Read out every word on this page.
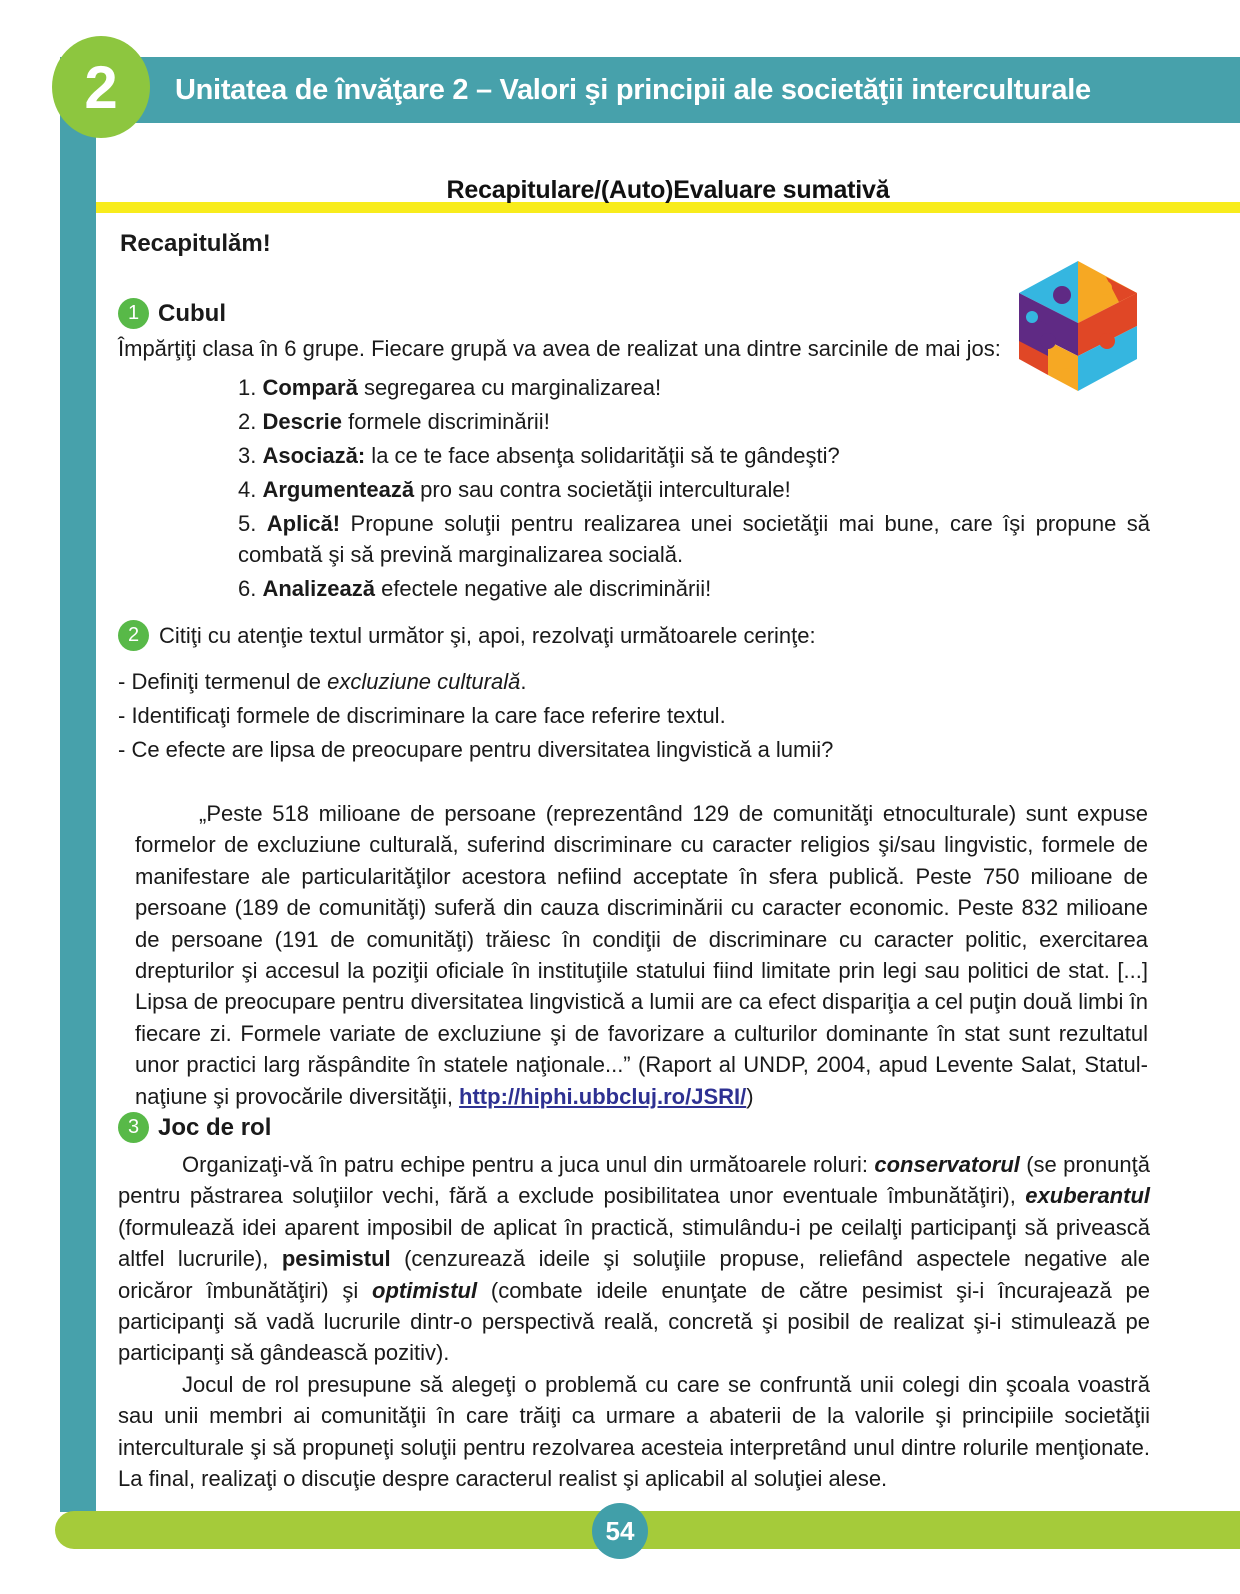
Unitatea de învăţare 2 – Valori şi principii ale societăţii interculturale
2
Recapitulare/(Auto)Evaluare sumativă
Recapitulăm!
1 Cubul
Împărţiţi clasa în 6 grupe. Fiecare grupă va avea de realizat una dintre sarcinile de mai jos:
1. Compară segregarea cu marginalizarea!
2. Descrie formele discriminării!
3. Asociază: la ce te face absenţa solidarităţii să te gândeşti?
4. Argumentează pro sau contra societăţii interculturale!
5. Aplică! Propune soluţii pentru realizarea unei societăţii mai bune, care îşi propune să combată şi să prevină marginalizarea socială.
6. Analizează efectele negative ale discriminării!
2 Citiţi cu atenţie textul următor şi, apoi, rezolvaţi următoarele cerinţe:
- Definiţi termenul de excluziune culturală.
- Identificaţi formele de discriminare la care face referire textul.
- Ce efecte are lipsa de preocupare pentru diversitatea lingvistică a lumii?
„Peste 518 milioane de persoane (reprezentând 129 de comunităţi etnoculturale) sunt expuse formelor de excluziune culturală, suferind discriminare cu caracter religios şi/sau lingvistic, formele de manifestare ale particularităţilor acestora nefiind acceptate în sfera publică. Peste 750 milioane de persoane (189 de comunităţi) suferă din cauza discriminării cu caracter economic. Peste 832 milioane de persoane (191 de comunităţi) trăiesc în condiţii de discriminare cu caracter politic, exercitarea drepturilor şi accesul la poziţii oficiale în instituţiile statului fiind limitate prin legi sau politici de stat. [...] Lipsa de preocupare pentru diversitatea lingvistică a lumii are ca efect dispariţia a cel puţin două limbi în fiecare zi. Formele variate de excluziune şi de favorizare a culturilor dominante în stat sunt rezultatul unor practici larg răspândite în statele naţionale...” (Raport al UNDP, 2004, apud Levente Salat, Statul-naţiune şi provocările diversităţii, http://hiphi.ubbcluj.ro/JSRI/)
3 Joc de rol

Organizaţi-vă în patru echipe pentru a juca unul din următoarele roluri: conservatorul (se pronunţă pentru păstrarea soluţiilor vechi, fără a exclude posibilitatea unor eventuale îmbunătăţiri), exuberantul (formulează idei aparent imposibil de aplicat în practică, stimulându-i pe ceilalţi participanţi să privească altfel lucrurile), pesimistul (cenzurează ideile şi soluţiile propuse, reliefând aspectele negative ale oricăror îmbunătăţiri) şi optimistul (combate ideile enunţate de către pesimist şi-i încurajează pe participanţi să vadă lucrurile dintr-o perspectivă reală, concretă şi posibil de realizat şi-i stimulează pe participanţi să gândească pozitiv).

Jocul de rol presupune să alegeţi o problemă cu care se confruntă unii colegi din şcoala voastră sau unii membri ai comunităţii în care trăiţi ca urmare a abaterii de la valorile şi principiile societăţii interculturale şi să propuneţi soluţii pentru rezolvarea acesteia interpretând unul dintre rolurile menţionate. La final, realizaţi o discuţie despre caracterul realist şi aplicabil al soluţiei alese.

54
